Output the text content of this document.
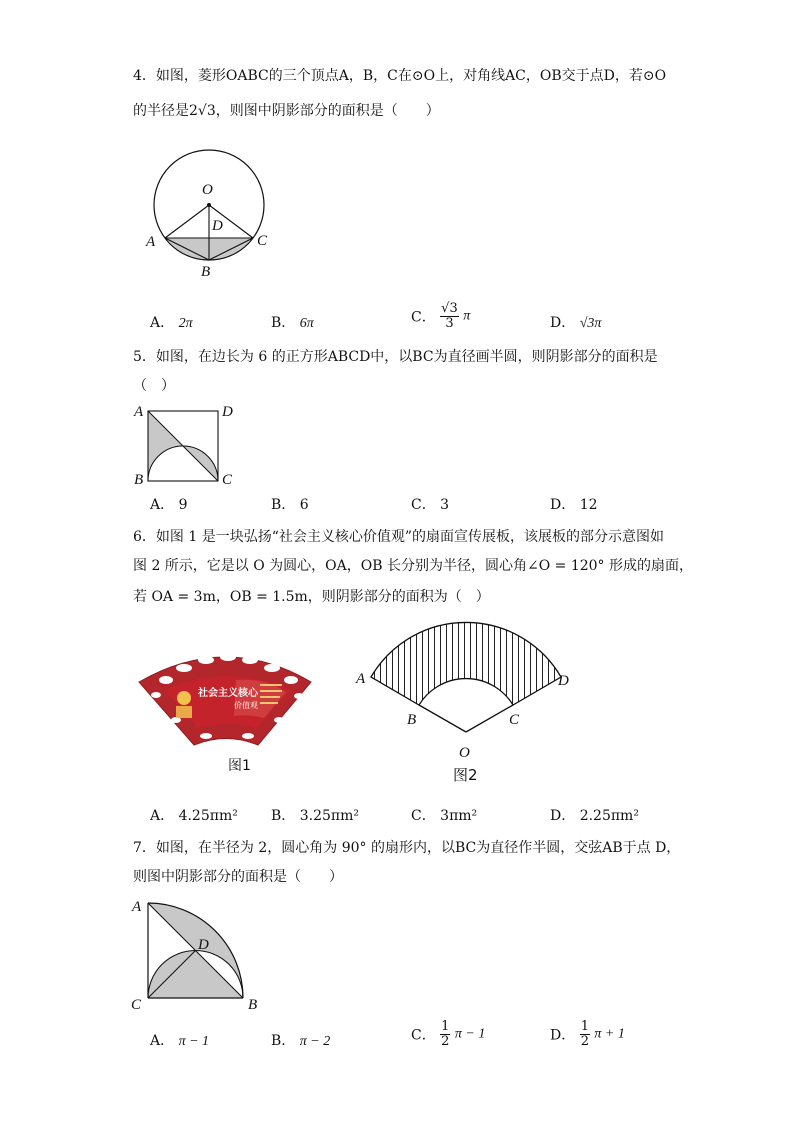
4．如图，菱形OABC的三个顶点A，B，C在⊙O上，对角线AC，OB交于点D，若⊙O
的半径是2√3，则图中阴影部分的面积是（　　）
O
D
A	C
B
A． 2π	B． 6π	C． $\frac{√3}{3}$ π	D． √3π
5．如图，在边长为 6 的正方形ABCD中，以BC为直径画半圆，则阴影部分的面积是
（　）
A	D
B	C
A． 9	B． 6	C． 3	D． 12
6．如图 1 是一块弘扬“社会主义核心价值观”的扇面宣传展板，该展板的部分示意图如
图 2 所示，它是以 O 为圆心，OA，OB 长分别为半径，圆心角∠O = 120° 形成的扇面，
若 OA = 3m，OB = 1.5m，则阴影部分的面积为（　）
社会主义核心
价值观
图1
A	D
B	C
O
图2
A． 4.25πm² B． 3.25πm²	C． 3πm²	D． 2.25πm²
7．如图，在半径为 2，圆心角为 90° 的扇形内，以BC为直径作半圆，交弦AB于点 D，
则图中阴影部分的面积是（　　）
A
D
C	B
A． π − 1	B． π − 2	C． $\frac{1}{2}$ π − 1	D． $\frac{1}{2}$ π + 1
